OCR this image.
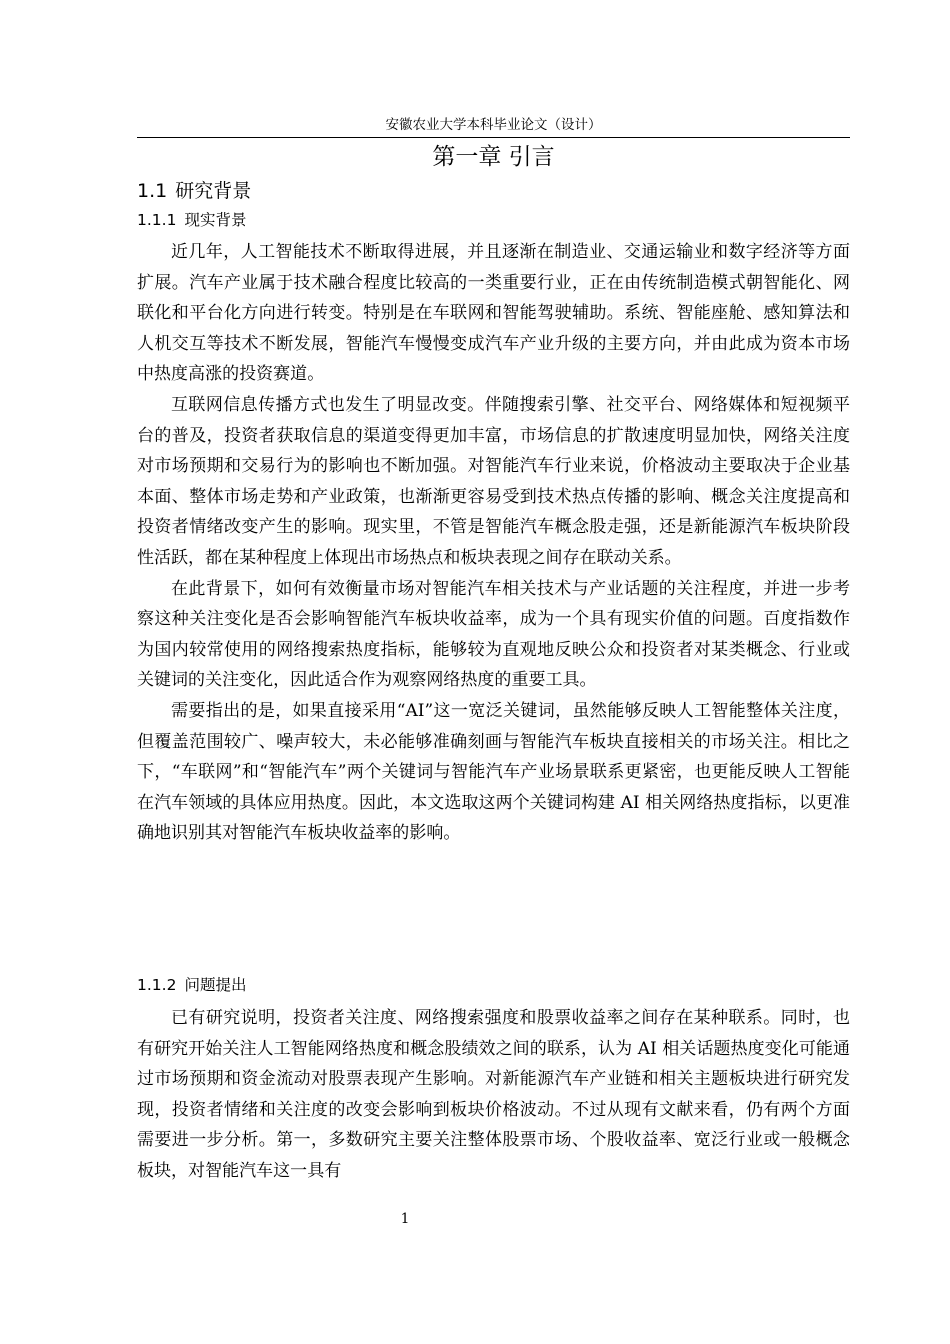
安徽农业大学本科毕业论文（设计）
第一章 引言
1.1 研究背景
1.1.1 现实背景

近几年，人工智能技术不断取得进展，并且逐渐在制造业、交通运输业和数字经济等方面扩展。汽车产业属于技术融合程度比较高的一类重要行业，正在由传统制造模式朝智能化、网联化和平台化方向进行转变。特别是在车联网和智能驾驶辅助。系统、智能座舱、感知算法和人机交互等技术不断发展，智能汽车慢慢变成汽车产业升级的主要方向，并由此成为资本市场中热度高涨的投资赛道。

互联网信息传播方式也发生了明显改变。伴随搜索引擎、社交平台、网络媒体和短视频平台的普及，投资者获取信息的渠道变得更加丰富，市场信息的扩散速度明显加快，网络关注度对市场预期和交易行为的影响也不断加强。对智能汽车行业来说，价格波动主要取决于企业基本面、整体市场走势和产业政策，也渐渐更容易受到技术热点传播的影响、概念关注度提高和投资者情绪改变产生的影响。现实里，不管是智能汽车概念股走强，还是新能源汽车板块阶段性活跃，都在某种程度上体现出市场热点和板块表现之间存在联动关系。

在此背景下，如何有效衡量市场对智能汽车相关技术与产业话题的关注程度，并进一步考察这种关注变化是否会影响智能汽车板块收益率，成为一个具有现实价值的问题。百度指数作为国内较常使用的网络搜索热度指标，能够较为直观地反映公众和投资者对某类概念、行业或关键词的关注变化，因此适合作为观察网络热度的重要工具。

需要指出的是，如果直接采用“AI”这一宽泛关键词，虽然能够反映人工智能整体关注度，但覆盖范围较广、噪声较大，未必能够准确刻画与智能汽车板块直接相关的市场关注。相比之下，“车联网”和“智能汽车”两个关键词与智能汽车产业场景联系更紧密，也更能反映人工智能在汽车领域的具体应用热度。因此，本文选取这两个关键词构建 AI 相关网络热度指标，以更准确地识别其对智能汽车板块收益率的影响。

1.1.2 问题提出

已有研究说明，投资者关注度、网络搜索强度和股票收益率之间存在某种联系。同时，也有研究开始关注人工智能网络热度和概念股绩效之间的联系，认为 AI 相关话题热度变化可能通过市场预期和资金流动对股票表现产生影响。对新能源汽车产业链和相关主题板块进行研究发现，投资者情绪和关注度的改变会影响到板块价格波动。不过从现有文献来看，仍有两个方面需要进一步分析。第一，多数研究主要关注整体股票市场、个股收益率、宽泛行业或一般概念板块，对智能汽车这一具有

1
